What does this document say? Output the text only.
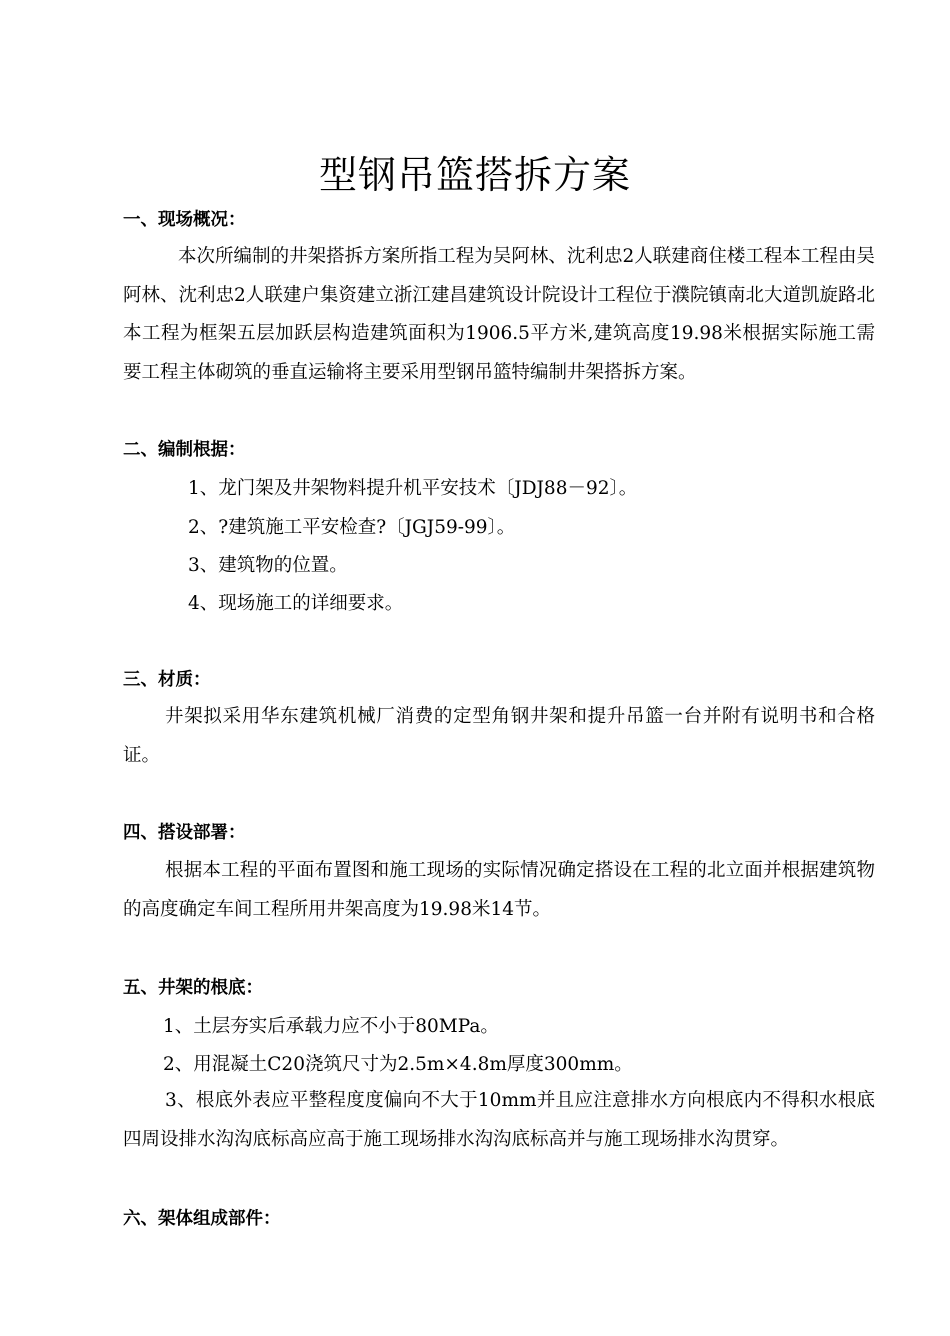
型钢吊篮搭拆方案
一、现场概况：

本次所编制的井架搭拆方案所指工程为吴阿林、沈利忠2人联建商住楼工程本工程由吴阿林、沈利忠2人联建户集资建立浙江建昌建筑设计院设计工程位于濮院镇南北大道凯旋路北本工程为框架五层加跃层构造建筑面积为1906.5平方米,建筑高度19.98米根据实际施工需要工程主体砌筑的垂直运输将主要采用型钢吊篮特编制井架搭拆方案。

二、编制根据：
1、龙门架及井架物料提升机平安技术〔JDJ88－92〕。
2、?建筑施工平安检查?〔JGJ59-99〕。
3、建筑物的位置。
4、现场施工的详细要求。
三、材质：

井架拟采用华东建筑机械厂消费的定型角钢井架和提升吊篮一台并附有说明书和合格证。

四、搭设部署：

根据本工程的平面布置图和施工现场的实际情况确定搭设在工程的北立面并根据建筑物的高度确定车间工程所用井架高度为19.98米14节。

五、井架的根底：
1、土层夯实后承载力应不小于80MPa。
2、用混凝土C20浇筑尺寸为2.5m×4.8m厚度300mm。

3、根底外表应平整程度度偏向不大于10mm并且应注意排水方向根底内不得积水根底四周设排水沟沟底标高应高于施工现场排水沟沟底标高并与施工现场排水沟贯穿。

六、架体组成部件：
